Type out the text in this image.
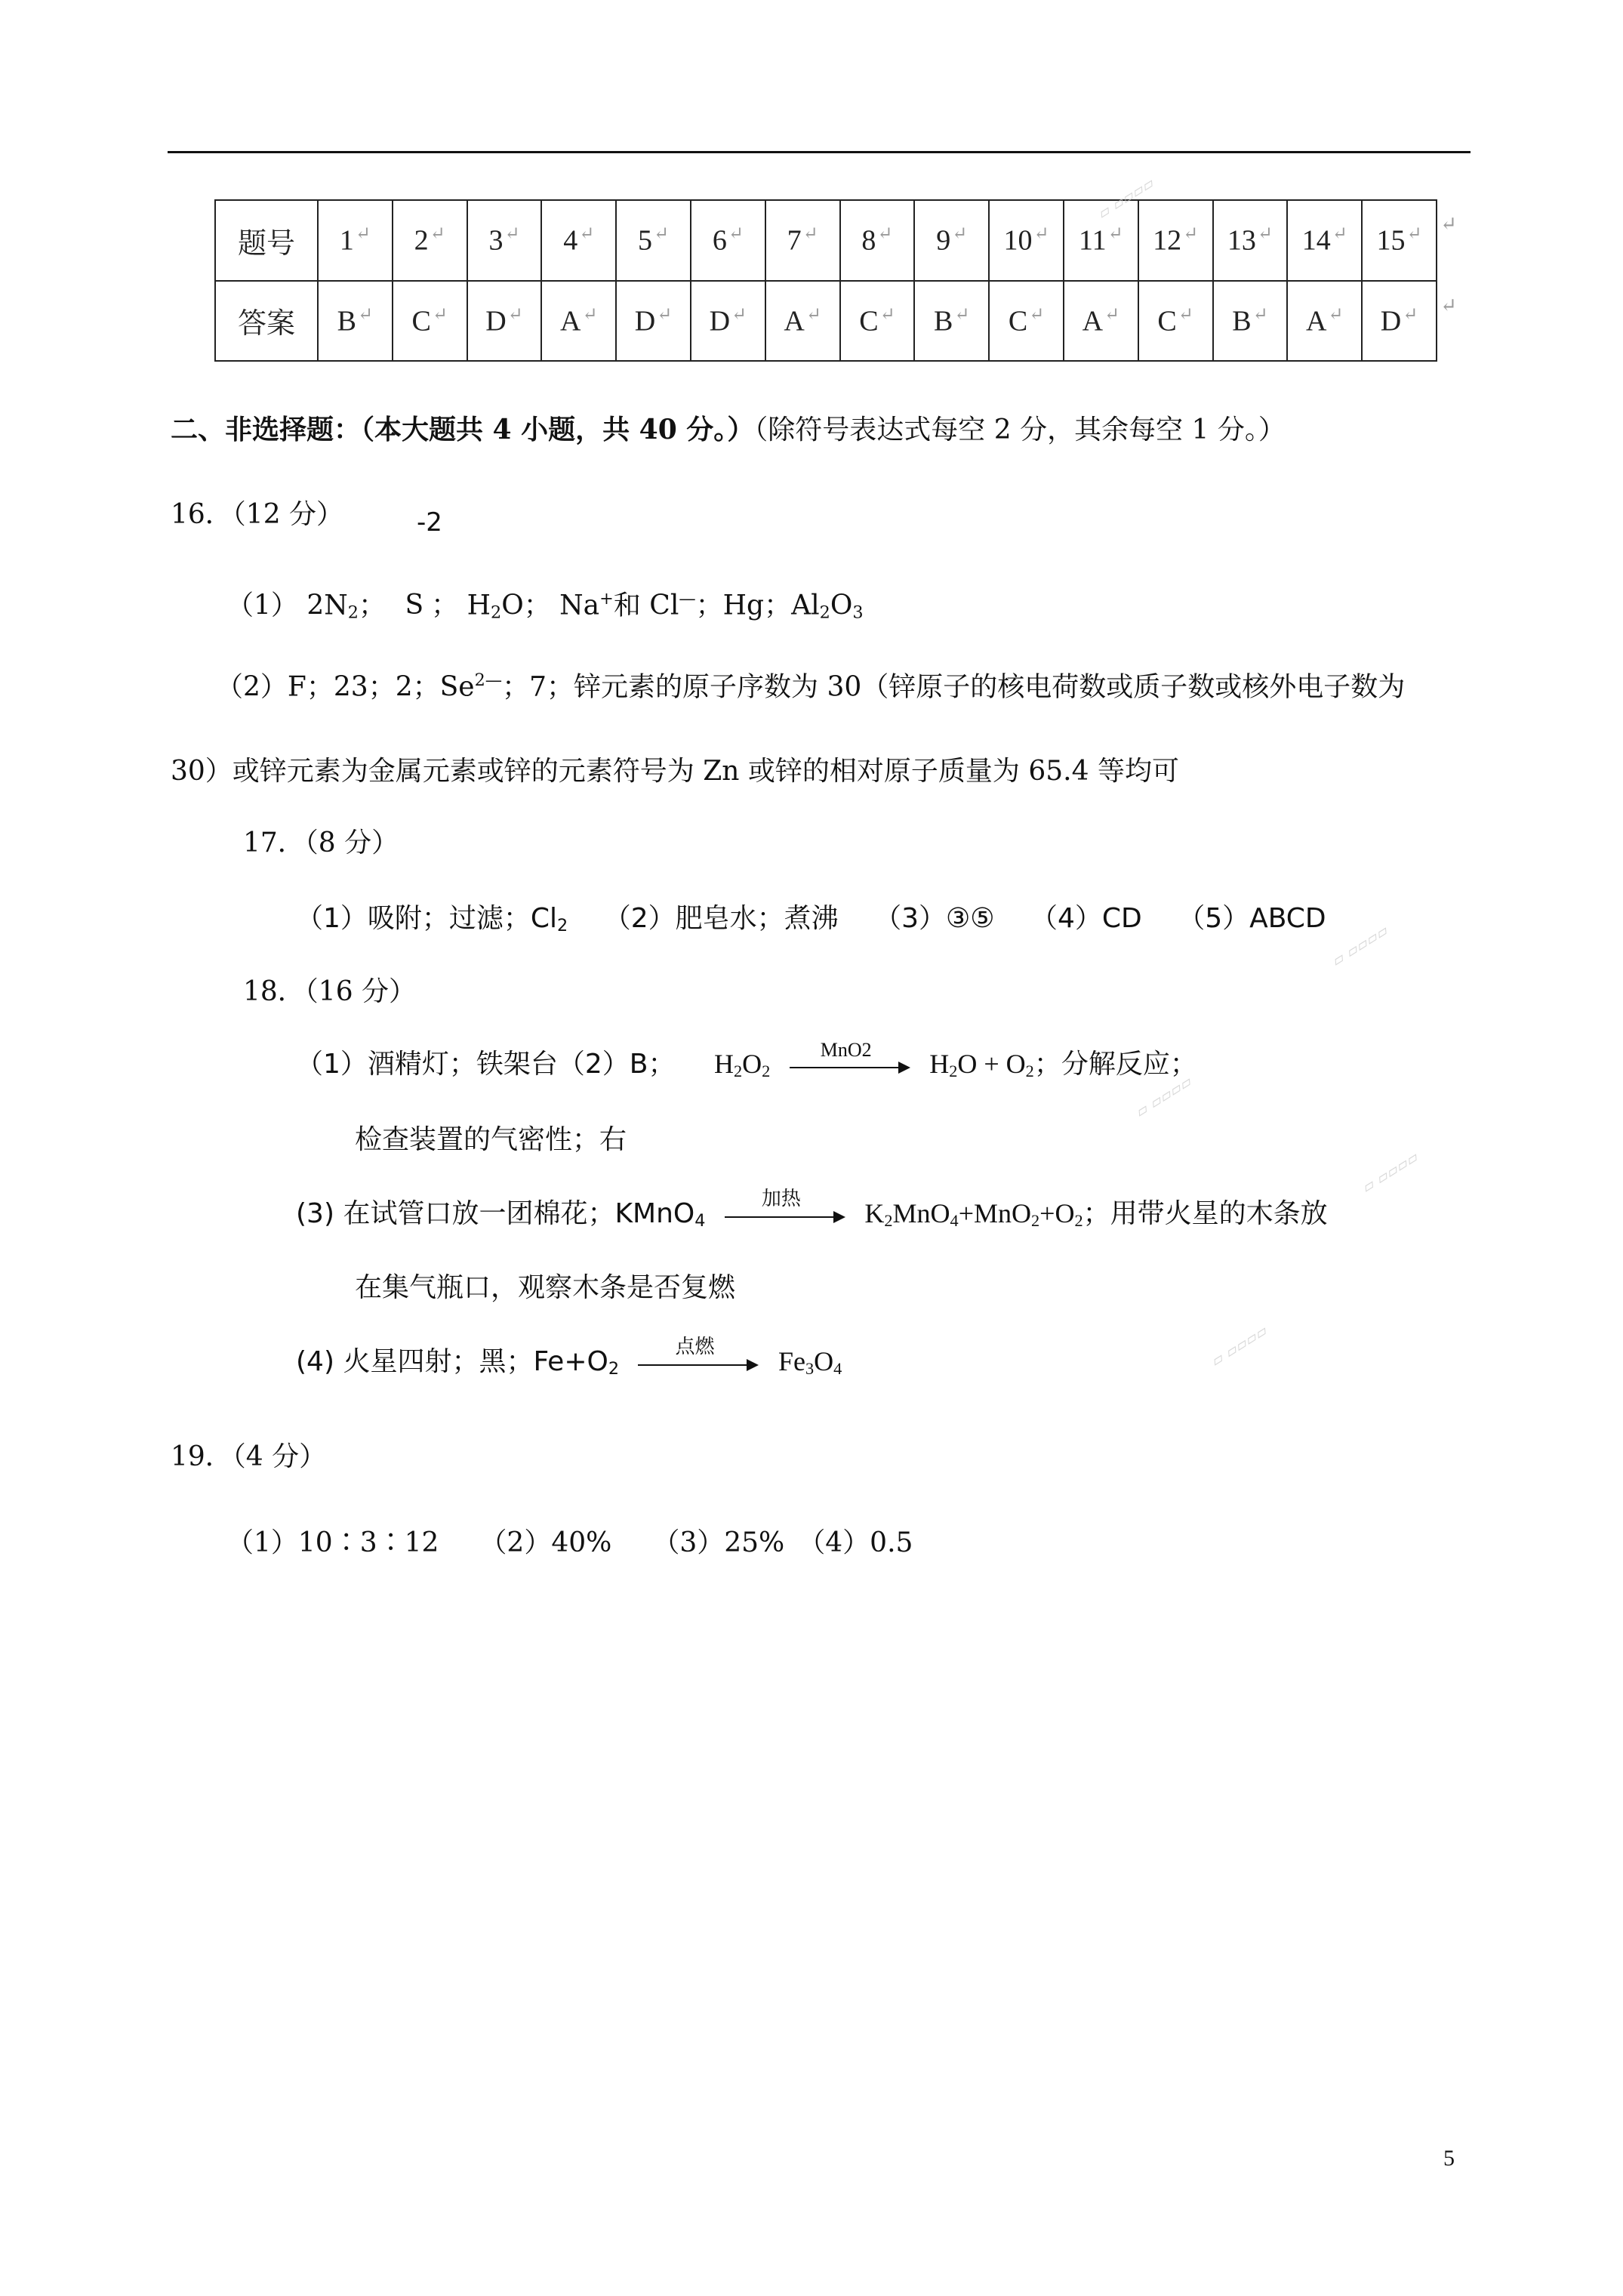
题号	1↵	2↵	3↵	4↵	5↵	6↵	7↵	8↵	9↵	10↵	11↵	12↵	13↵	14↵	15↵
答案	B↵	C↵	D↵	A↵	D↵	D↵	A↵	C↵	B↵	C↵	A↵	C↵	B↵	A↵	D↵
↵
↵
二、非选择题：（本大题共 4 小题，共 40 分。）（除符号表达式每空 2 分，其余每空 1 分。）
16．（12 分）	-2
（1） $2N_2$； S ； $H_2O$； Na+和 Cl—；Hg；$Al_2O_3$
（2）F；23；2；$Se^{2—}$；7；锌元素的原子序数为 30（锌原子的核电荷数或质子数或核外电子数为
30）或锌元素为金属元素或锌的元素符号为 Zn 或锌的相对原子质量为 65.4 等均可
17．（8 分）
（1）吸附；过滤；$Cl_2$ （2）肥皂水；煮沸 （3）③⑤ （4）CD （5）ABCD
18．（16 分）
（1）酒精灯；铁架台（2）B； $H_2O_2$
MnO2	$H_2O + O_2$；分解反应；
检查装置的气密性；右
(3) 在试管口放一团棉花；KMnO$_4$
加热	$K_2MnO_4+MnO_2+O_2$；用带火星的木条放
在集气瓶口，观察木条是否复燃
(4) 火星四射；黑；$Fe+O_2$
点燃	$Fe_3O_4$
19．（4 分）
（1）10∶3∶12　　（2）40%　　（3）25%　（4）0.5
▱ ▱▱▱▱
▱ ▱▱▱▱
▱ ▱▱▱▱
▱ ▱▱▱▱
▱ ▱▱▱▱
5
